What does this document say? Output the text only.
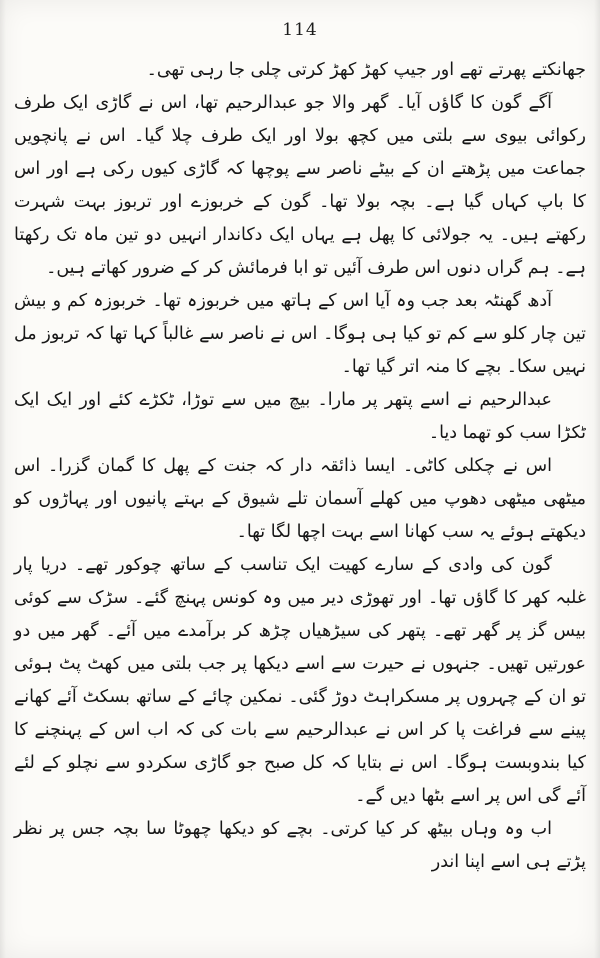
114

جھانکتے پھرتے تھے اور جیپ کھڑ کھڑ کرتی چلی جا رہی تھی۔

آگے گون کا گاؤں آیا۔ گھر والا جو عبدالرحیم تھا، اس نے گاڑی ایک طرف رکوائی بیوی سے بلتی میں کچھ بولا اور ایک طرف چلا گیا۔ اس نے پانچویں جماعت میں پڑھتے ان کے بیٹے ناصر سے پوچھا کہ گاڑی کیوں رکی ہے اور اس کا باپ کہاں گیا ہے۔ بچہ بولا تھا۔ گون کے خربوزے اور تربوز بہت شہرت رکھتے ہیں۔ یہ جولائی کا پھل ہے یہاں ایک دکاندار انہیں دو تین ماہ تک رکھتا ہے۔ ہم گراں دنوں اس طرف آئیں تو ابا فرمائش کر کے ضرور کھاتے ہیں۔

آدھ گھنٹہ بعد جب وہ آیا اس کے ہاتھ میں خربوزہ تھا۔ خربوزہ کم و بیش تین چار کلو سے کم تو کیا ہی ہوگا۔ اس نے ناصر سے غالباً کہا تھا کہ تربوز مل نہیں سکا۔ بچے کا منہ اتر گیا تھا۔

عبدالرحیم نے اسے پتھر پر مارا۔ بیچ میں سے توڑا، ٹکڑے کئے اور ایک ایک ٹکڑا سب کو تھما دیا۔

اس نے چکلی کاٹی۔ ایسا ذائقہ دار کہ جنت کے پھل کا گمان گزرا۔ اس میٹھی میٹھی دھوپ میں کھلے آسمان تلے شیوق کے بہتے پانیوں اور پہاڑوں کو دیکھتے ہوئے یہ سب کھانا اسے بہت اچھا لگا تھا۔

گون کی وادی کے سارے کھیت ایک تناسب کے ساتھ چوکور تھے۔ دریا پار غلبہ کھر کا گاؤں تھا۔ اور تھوڑی دیر میں وہ کونس پہنچ گئے۔ سڑک سے کوئی بیس گز پر گھر تھے۔ پتھر کی سیڑھیاں چڑھ کر برآمدے میں آئے۔ گھر میں دو عورتیں تھیں۔ جنہوں نے حیرت سے اسے دیکھا پر جب بلتی میں کھٹ پٹ ہوئی تو ان کے چہروں پر مسکراہٹ دوڑ گئی۔ نمکین چائے کے ساتھ بسکٹ آئے کھانے پینے سے فراغت پا کر اس نے عبدالرحیم سے بات کی کہ اب اس کے پہنچنے کا کیا بندوبست ہوگا۔ اس نے بتایا کہ کل صبح جو گاڑی سکردو سے نچلو کے لئے آئے گی اس پر اسے بٹھا دیں گے۔

اب وہ وہاں بیٹھ کر کیا کرتی۔ بچے کو دیکھا چھوٹا سا بچہ جس پر نظر پڑتے ہی اسے اپنا اندر
